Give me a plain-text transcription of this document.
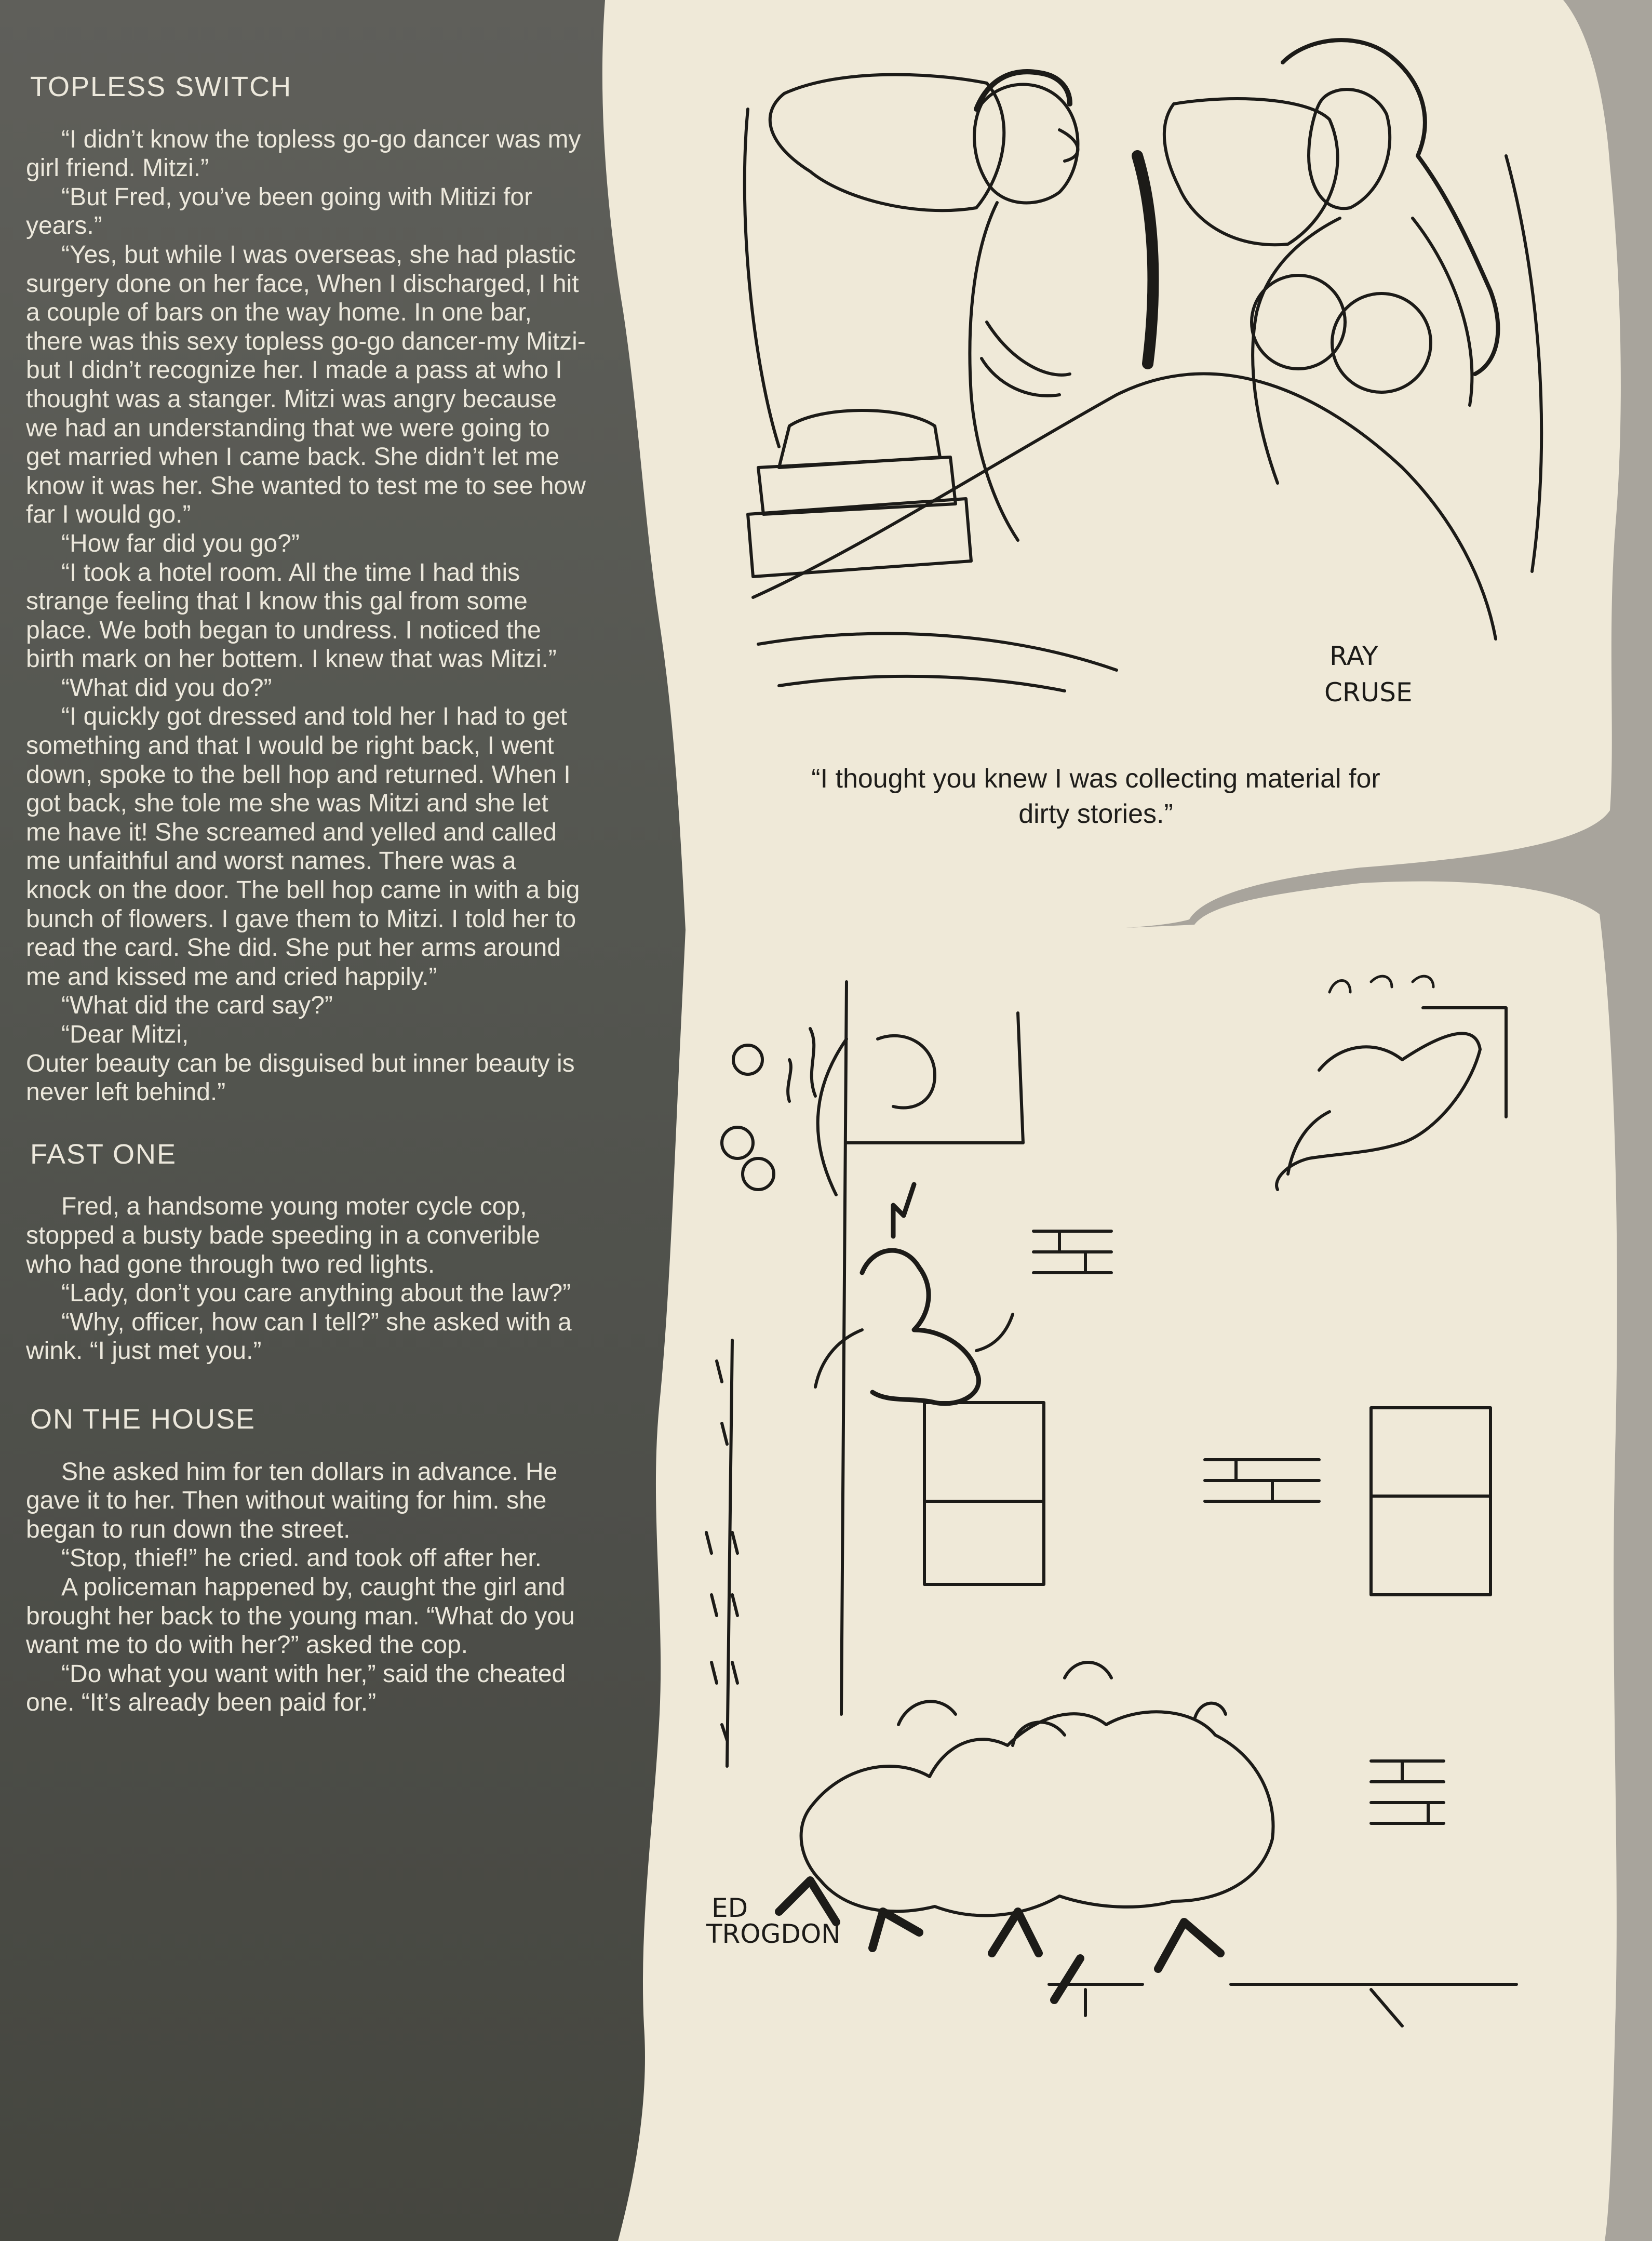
TOPLESS SWITCH

“I didn’t know the topless go-go dancer was my girl friend. Mitzi.”

“But Fred, you’ve been going with Mitizi for years.”

“Yes, but while I was overseas, she had plastic surgery done on her face, When I discharged, I hit a couple of bars on the way home. In one bar, there was this sexy topless go-go dancer-my Mitzi-but I didn’t recognize her. I made a pass at who I thought was a stanger. Mitzi was angry because we had an understanding that we were going to get married when I came back. She didn’t let me know it was her. She wanted to test me to see how far I would go.”

“How far did you go?”

“I took a hotel room. All the time I had this strange feeling that I know this gal from some place. We both began to undress. I noticed the birth mark on her bottem. I knew that was Mitzi.”

“What did you do?”

“I quickly got dressed and told her I had to get something and that I would be right back, I went down, spoke to the bell hop and returned. When I got back, she tole me she was Mitzi and she let me have it! She screamed and yelled and called me unfaithful and worst names. There was a knock on the door. The bell hop came in with a big bunch of flowers. I gave them to Mitzi. I told her to read the card. She did. She put her arms around me and kissed me and cried happily.”

“What did the card say?”

“Dear Mitzi,

Outer beauty can be disguised but inner beauty is never left behind.”

FAST ONE

Fred, a handsome young moter cycle cop, stopped a busty bade speeding in a converible who had gone through two red lights.

“Lady, don’t you care anything about the law?”

“Why, officer, how can I tell?” she asked with a wink. “I just met you.”

ON THE HOUSE

She asked him for ten dollars in advance. He gave it to her. Then without waiting for him. she began to run down the street.

“Stop, thief!” he cried. and took off after her.

A policeman happened by, caught the girl and brought her back to the young man. “What do you want me to do with her?” asked the cop.

“Do what you want with her,” said the cheated one. “It’s already been paid for.”

RAY
CRUSE
ED
TROGDON
“I thought you knew I was collecting material for dirty stories.”
